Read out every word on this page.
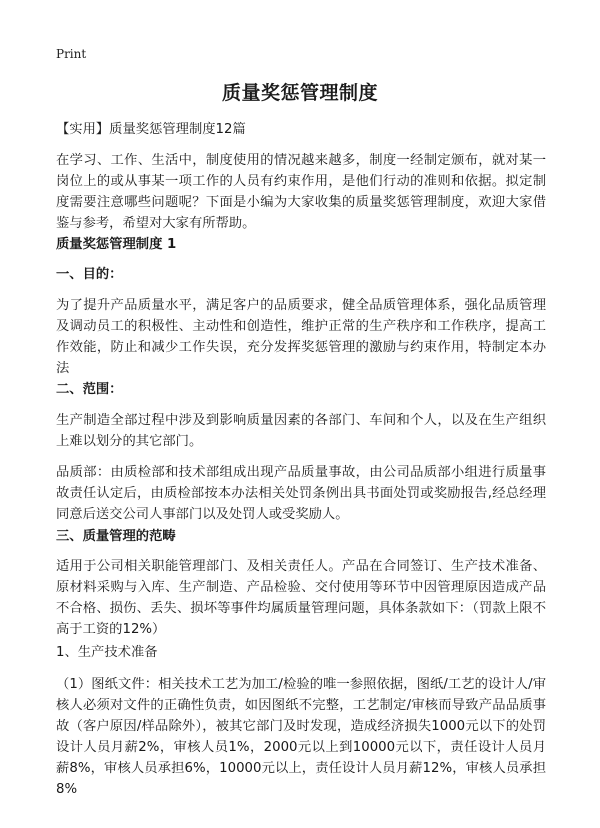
Print
质量奖惩管理制度
【实用】质量奖惩管理制度12篇

在学习、工作、生活中，制度使用的情况越来越多，制度一经制定颁布，就对某一岗位上的或从事某一项工作的人员有约束作用，是他们行动的准则和依据。拟定制度需要注意哪些问题呢？下面是小编为大家收集的质量奖惩管理制度，欢迎大家借鉴与参考，希望对大家有所帮助。

质量奖惩管理制度 1
一、目的：

为了提升产品质量水平，满足客户的品质要求，健全品质管理体系，强化品质管理及调动员工的积极性、主动性和创造性，维护正常的生产秩序和工作秩序，提高工作效能，防止和减少工作失误，充分发挥奖惩管理的激励与约束作用，特制定本办法

二、范围：

生产制造全部过程中涉及到影响质量因素的各部门、车间和个人，以及在生产组织上难以划分的其它部门。

品质部：由质检部和技术部组成出现产品质量事故，由公司品质部小组进行质量事故责任认定后，由质检部按本办法相关处罚条例出具书面处罚或奖励报告,经总经理同意后送交公司人事部门以及处罚人或受奖励人。

三、质量管理的范畴

适用于公司相关职能管理部门、及相关责任人。产品在合同签订、生产技术准备、原材料采购与入库、生产制造、产品检验、交付使用等环节中因管理原因造成产品不合格、损伤、丢失、损坏等事件均属质量管理问题，具体条款如下：（罚款上限不高于工资的12%）

1、生产技术准备

（1）图纸文件：相关技术工艺为加工/检验的唯一参照依据，图纸/工艺的设计人/审核人必须对文件的正确性负责，如因图纸不完整，工艺制定/审核而导致产品品质事故（客户原因/样品除外），被其它部门及时发现，造成经济损失1000元以下的处罚设计人员月薪2%，审核人员1%，2000元以上到10000元以下，责任设计人员月薪8%，审核人员承担6%，10000元以上，责任设计人员月薪12%，审核人员承担8%
